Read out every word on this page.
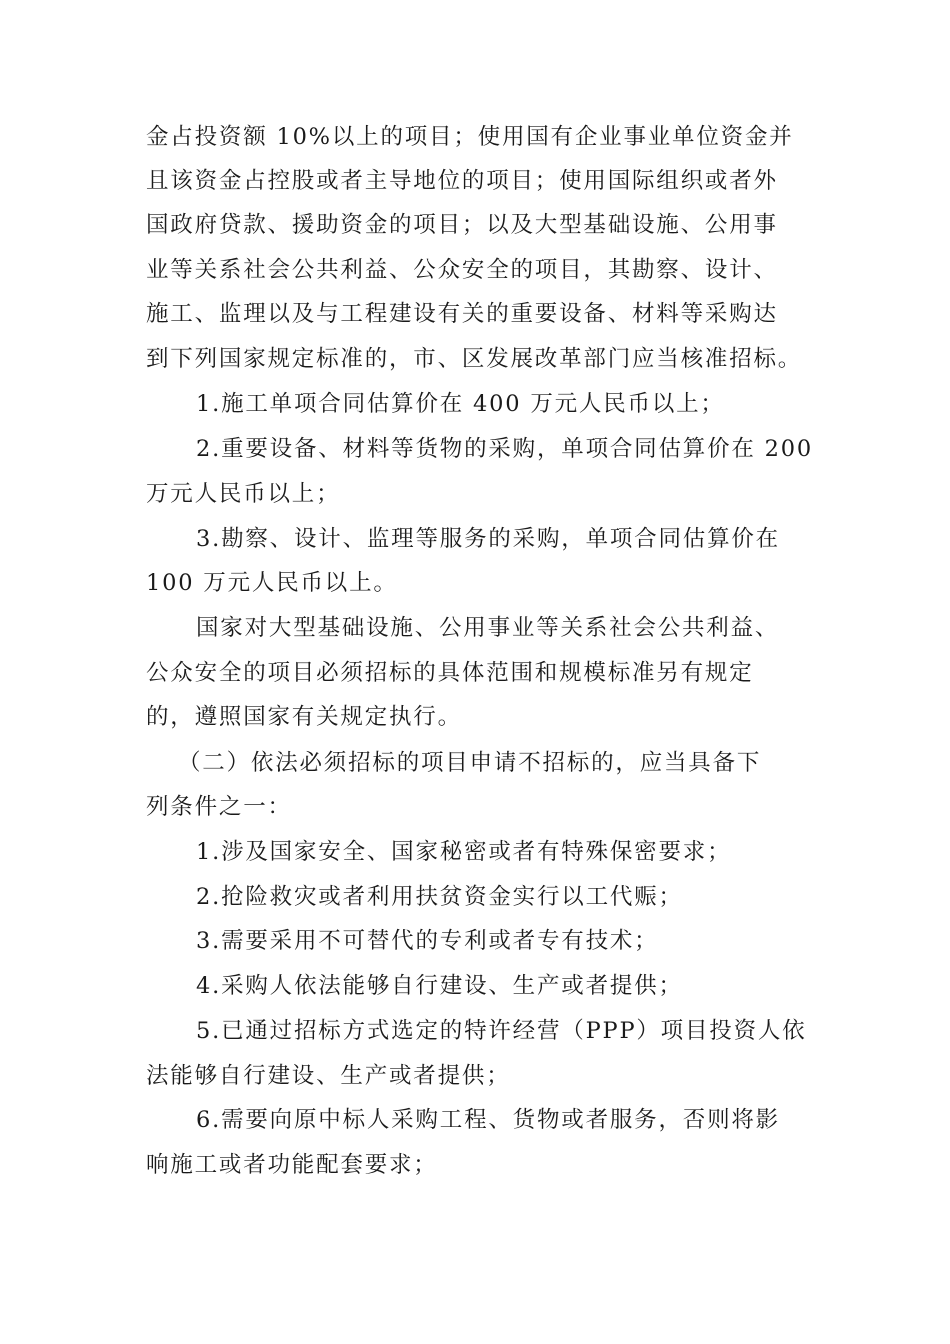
金占投资额 10%以上的项目；使用国有企业事业单位资金并
且该资金占控股或者主导地位的项目；使用国际组织或者外
国政府贷款、援助资金的项目；以及大型基础设施、公用事
业等关系社会公共利益、公众安全的项目，其勘察、设计、
施工、监理以及与工程建设有关的重要设备、材料等采购达
到下列国家规定标准的，市、区发展改革部门应当核准招标。
1.施工单项合同估算价在 400 万元人民币以上；
2.重要设备、材料等货物的采购，单项合同估算价在 200
万元人民币以上；
3.勘察、设计、监理等服务的采购，单项合同估算价在
100 万元人民币以上。
国家对大型基础设施、公用事业等关系社会公共利益、
公众安全的项目必须招标的具体范围和规模标准另有规定
的，遵照国家有关规定执行。
（二）依法必须招标的项目申请不招标的，应当具备下
列条件之一：
1.涉及国家安全、国家秘密或者有特殊保密要求；
2.抢险救灾或者利用扶贫资金实行以工代赈；
3.需要采用不可替代的专利或者专有技术；
4.采购人依法能够自行建设、生产或者提供；
5.已通过招标方式选定的特许经营（PPP）项目投资人依
法能够自行建设、生产或者提供；
6.需要向原中标人采购工程、货物或者服务，否则将影
响施工或者功能配套要求；
